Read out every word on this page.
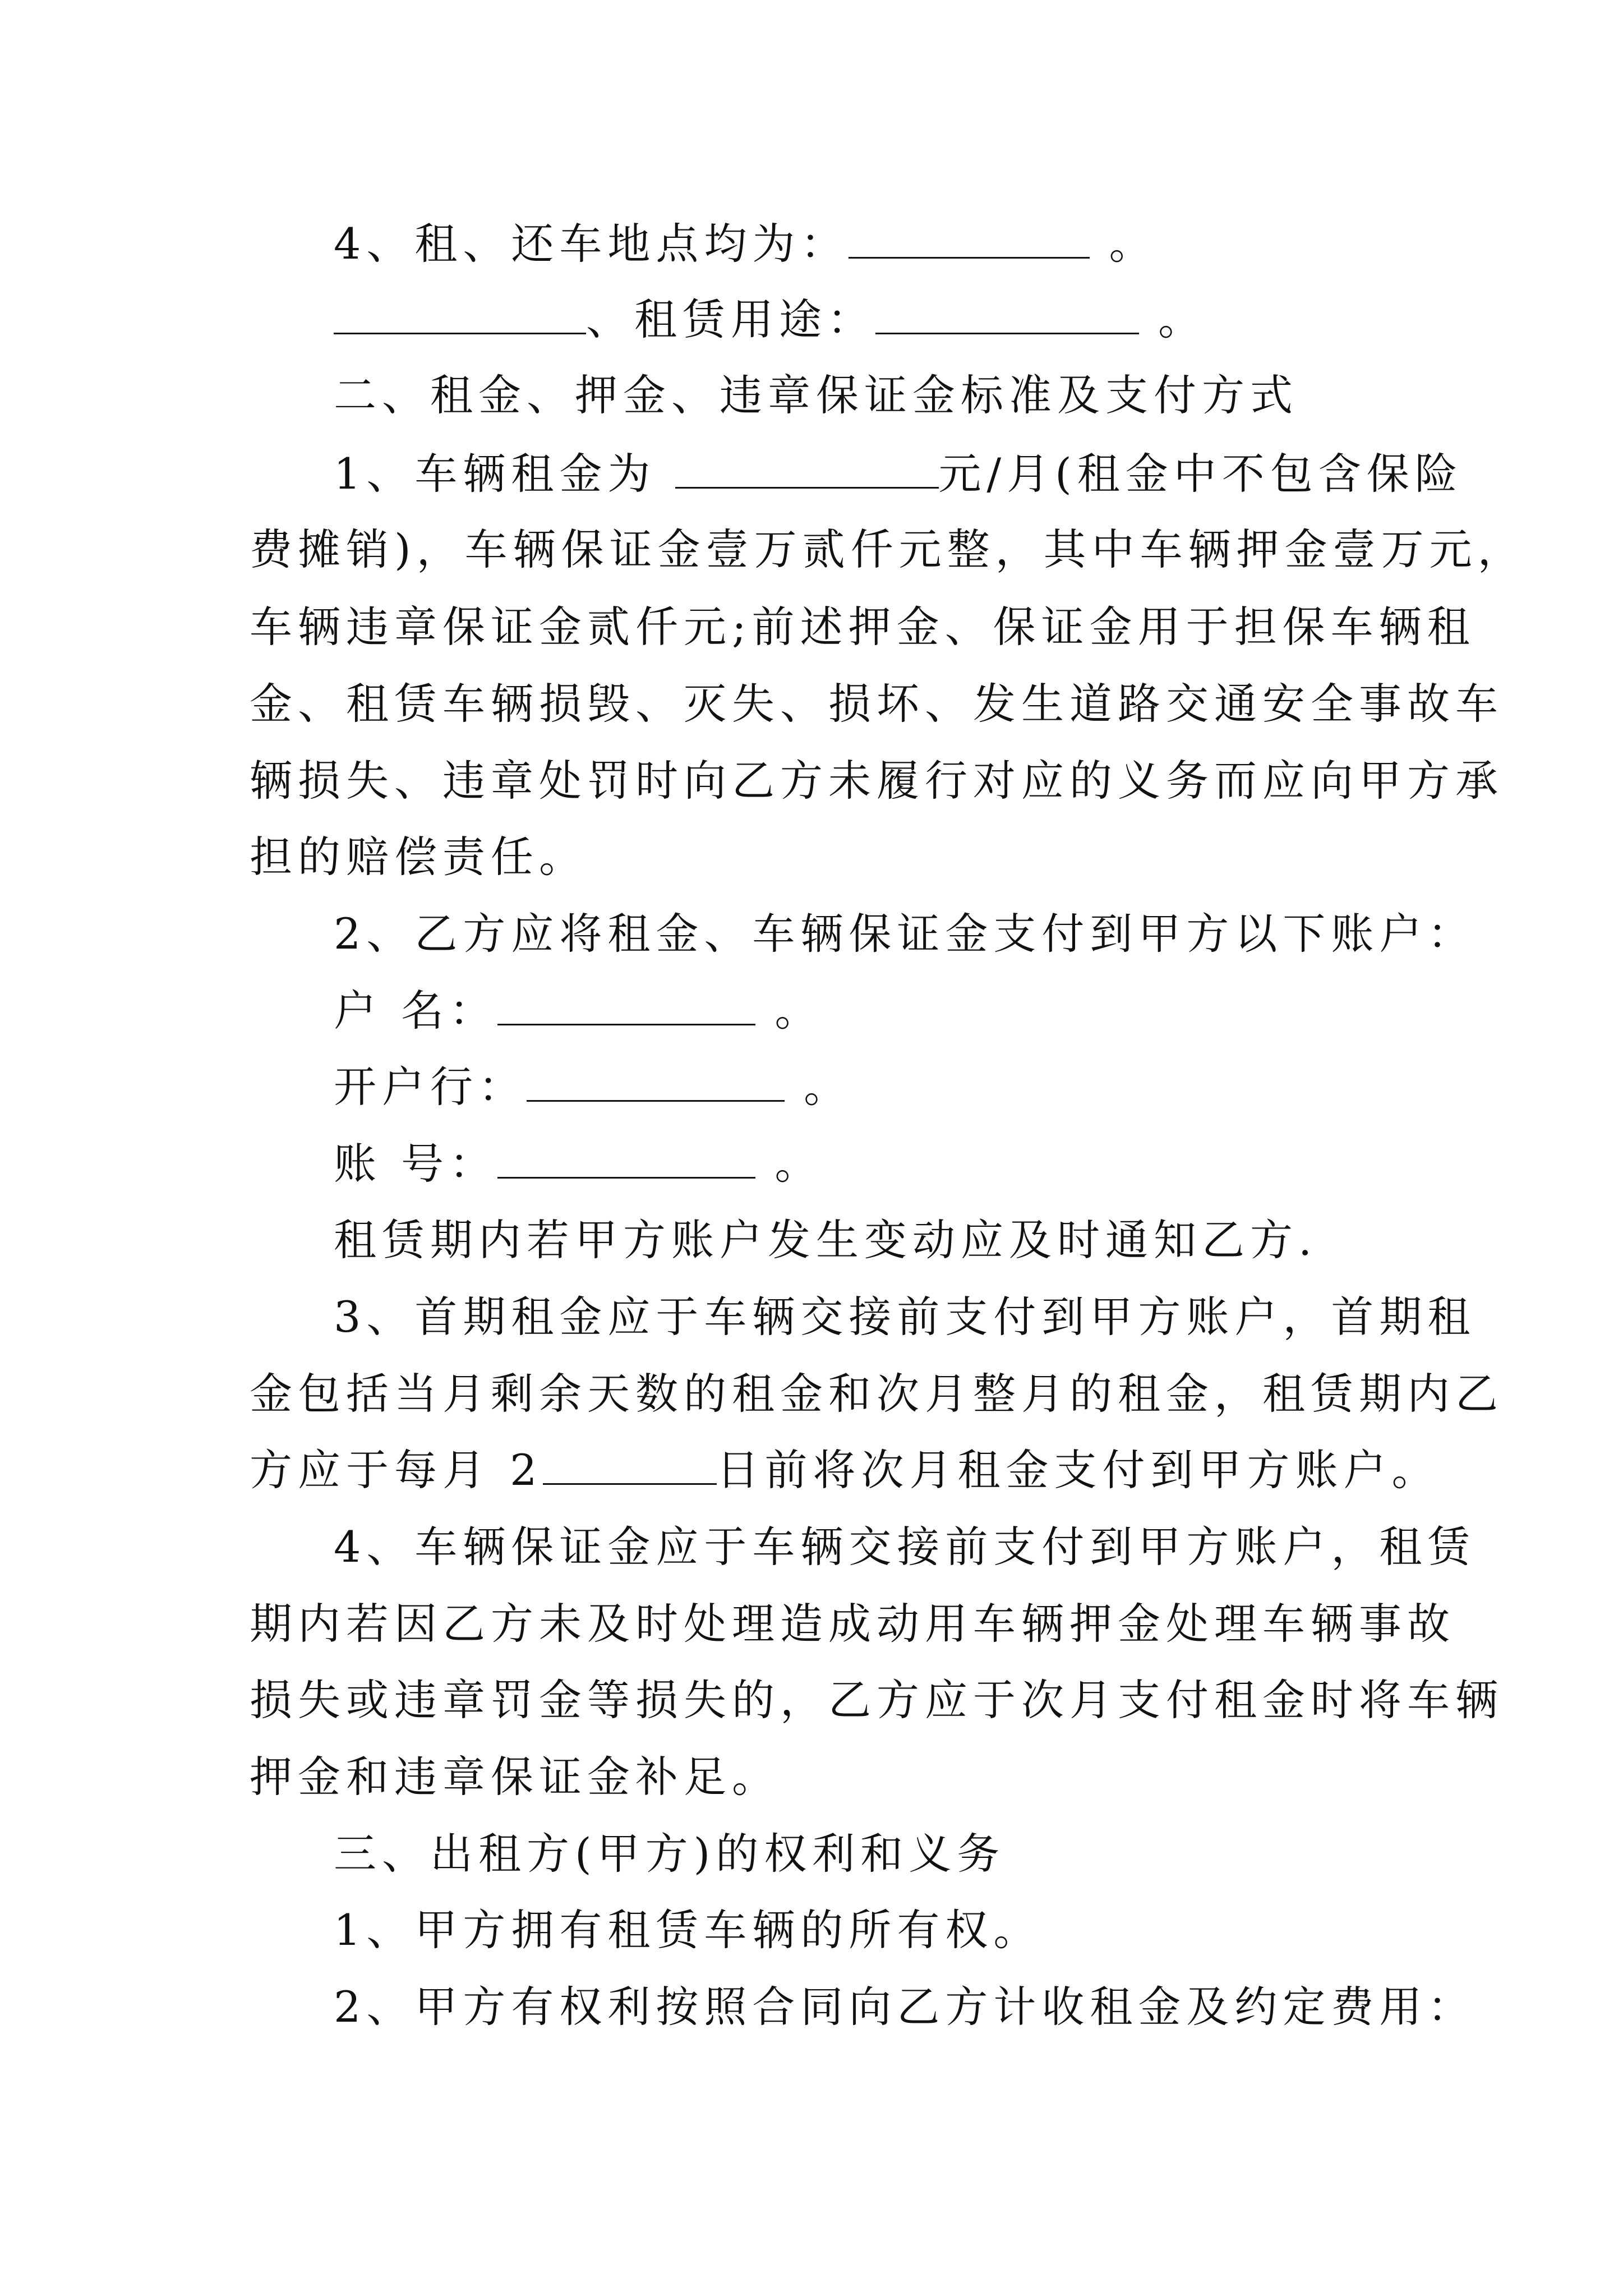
4、租、还车地点均为：	。
、租赁用途：	。
二、租金、押金、违章保证金标准及支付方式
1、车辆租金为	元/月(租金中不包含保险
费摊销)，车辆保证金壹万贰仟元整，其中车辆押金壹万元，
车辆违章保证金贰仟元;前述押金、保证金用于担保车辆租
金、租赁车辆损毁、灭失、损坏、发生道路交通安全事故车
辆损失、违章处罚时向乙方未履行对应的义务而应向甲方承
担的赔偿责任。
2、乙方应将租金、车辆保证金支付到甲方以下账户：
户 名：	。
开户行：	。
账 号：	。
租赁期内若甲方账户发生变动应及时通知乙方.
3、首期租金应于车辆交接前支付到甲方账户，首期租
金包括当月剩余天数的租金和次月整月的租金，租赁期内乙
方应于每月 2	日前将次月租金支付到甲方账户。
4、车辆保证金应于车辆交接前支付到甲方账户，租赁
期内若因乙方未及时处理造成动用车辆押金处理车辆事故
损失或违章罚金等损失的，乙方应于次月支付租金时将车辆
押金和违章保证金补足。
三、出租方(甲方)的权利和义务
1、甲方拥有租赁车辆的所有权。
2、甲方有权利按照合同向乙方计收租金及约定费用：
